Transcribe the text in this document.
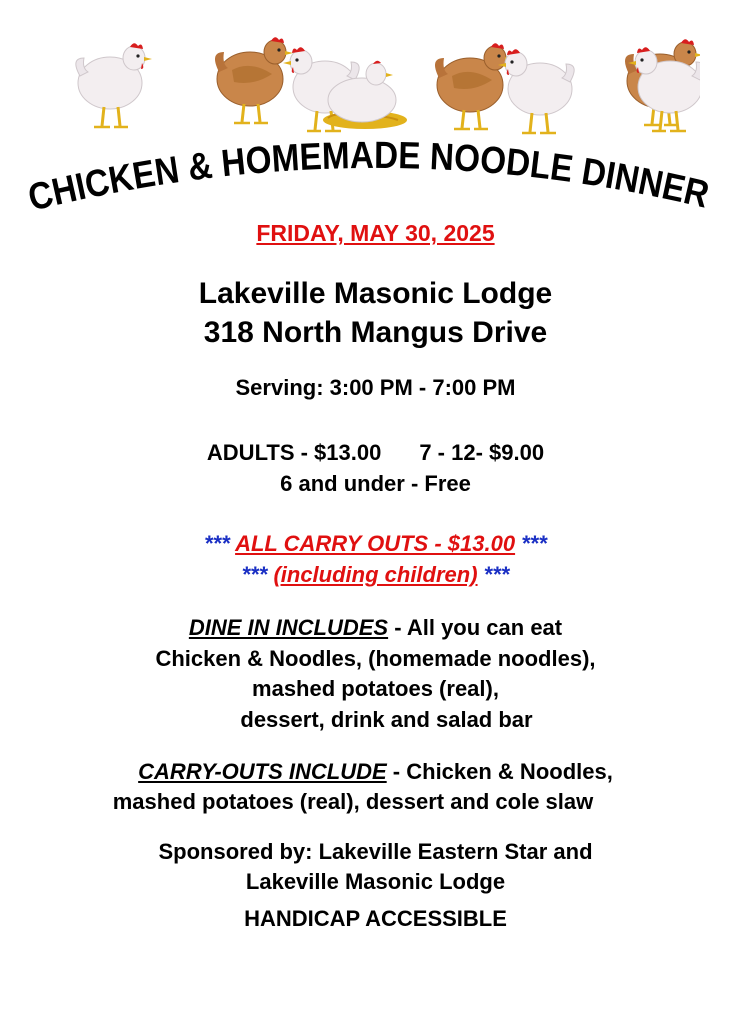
CHICKEN & HOMEMADE NOODLE DINNER
FRIDAY, MAY 30, 2025
Lakeville Masonic Lodge
318 North Mangus Drive
Serving: 3:00 PM - 7:00 PM
ADULTS - $13.00 7 - 12- $9.00
6 and under - Free
*** ALL CARRY OUTS - $13.00 ***
*** (including children) ***
DINE IN INCLUDES - All you can eat
Chicken & Noodles, (homemade noodles),
mashed potatoes (real),
dessert, drink and salad bar
CARRY-OUTS INCLUDE - Chicken & Noodles,
mashed potatoes (real), dessert and cole slaw
Sponsored by: Lakeville Eastern Star and
Lakeville Masonic Lodge
HANDICAP ACCESSIBLE
